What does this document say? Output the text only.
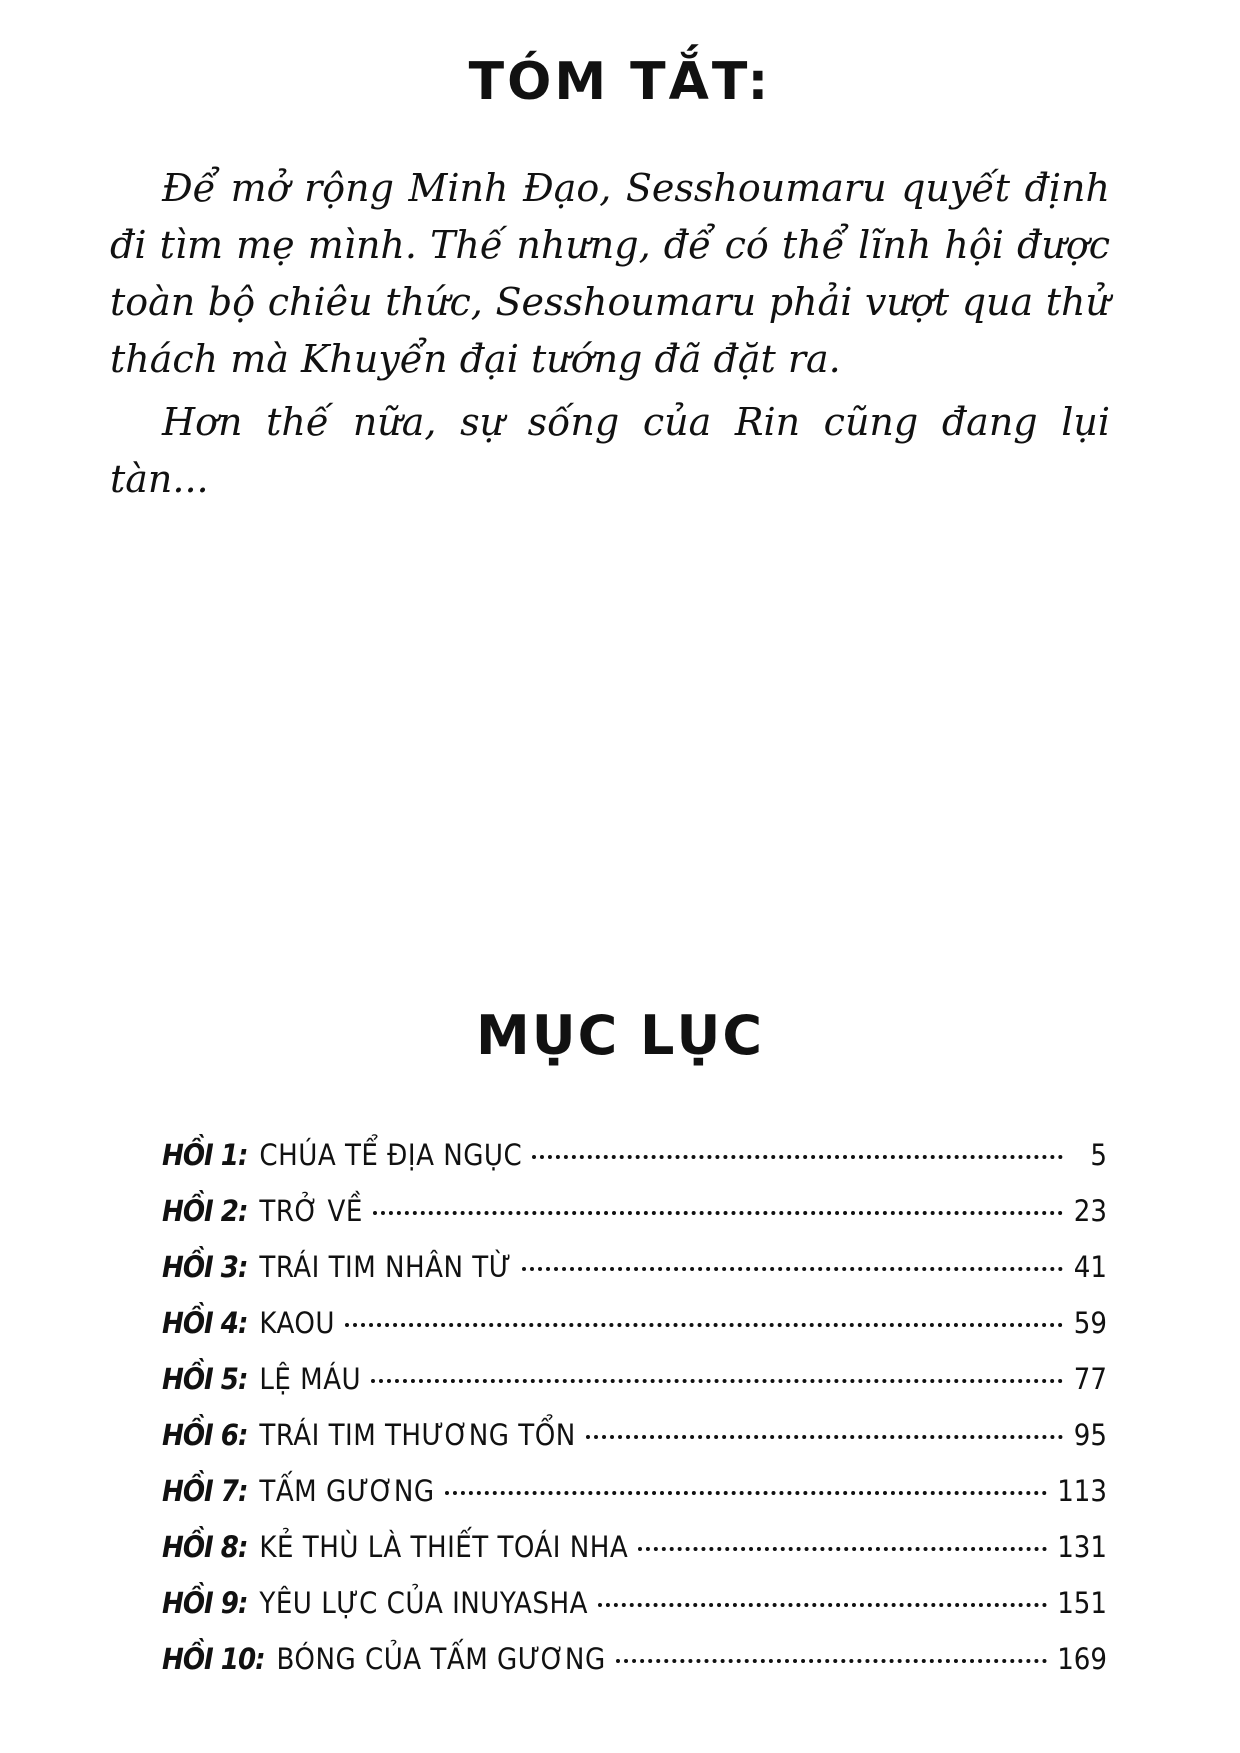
TÓM TẮT:

Để mở rộng Minh Đạo, Sesshoumaru quyết định đi tìm mẹ mình. Thế nhưng, để có thể lĩnh hội được toàn bộ chiêu thức, Sesshoumaru phải vượt qua thử thách mà Khuyển đại tướng đã đặt ra.

Hơn thế nữa, sự sống của Rin cũng đang lụi tàn...

MỤC LỤC
HỒI 1: CHÚA TỂ ĐỊA NGỤC	5
HỒI 2: TRỞ VỀ	23
HỒI 3: TRÁI TIM NHÂN TỪ	41
HỒI 4: KAOU	59
HỒI 5: LỆ MÁU	77
HỒI 6: TRÁI TIM THƯƠNG TỔN	95
HỒI 7: TẤM GƯƠNG	113
HỒI 8: KẺ THÙ LÀ THIẾT TOÁI NHA	131
HỒI 9: YÊU LỰC CỦA INUYASHA	151
HỒI 10: BÓNG CỦA TẤM GƯƠNG	169
